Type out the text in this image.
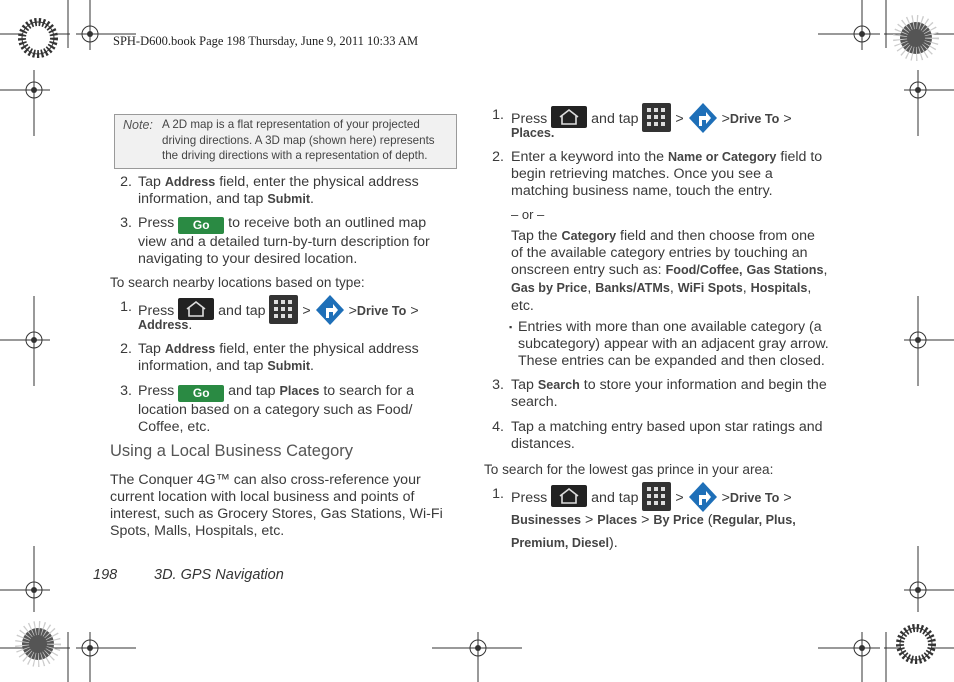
SPH-D600.book Page 198 Thursday, June 9, 2011 10:33 AM
Note: A 2D map is a flat representation of your projected
driving directions. A 3D map (shown here) represents
the driving directions with a representation of depth.
2. Tap Address field, enter the physical address
information, and tap Submit.
3. Press Go to receive both an outlined map
view and a detailed turn-by-turn description for
navigating to your desired location.
To search nearby locations based on type:
1. Press	and tap	>	>Drive To >
Address.
2. Tap Address field, enter the physical address
information, and tap Submit.
3. Press Go and tap Places to search for a
location based on a category such as Food/
Coffee, etc.
Using a Local Business Category
The Conquer 4G™ can also cross-reference your
current location with local business and points of
interest, such as Grocery Stores, Gas Stations, Wi-Fi
Spots, Malls, Hospitals, etc.
1. Press	and tap	>	>Drive To >
Places.
2. Enter a keyword into the Name or Category field to
begin retrieving matches. Once you see a
matching business name, touch the entry.
– or –
Tap the Category field and then choose from one
of the available category entries by touching an
onscreen entry such as: Food/Coffee, Gas Stations,
Gas by Price, Banks/ATMs, WiFi Spots, Hospitals,
etc.
▪ Entries with more than one available category (a
subcategory) appear with an adjacent gray arrow.
These entries can be expanded and then closed.
3. Tap Search to store your information and begin the
search.
4. Tap a matching entry based upon star ratings and
distances.
To search for the lowest gas prince in your area:
1. Press	and tap	>	>Drive To >
Businesses > Places > By Price (Regular, Plus,
Premium, Diesel).
198	3D. GPS Navigation
